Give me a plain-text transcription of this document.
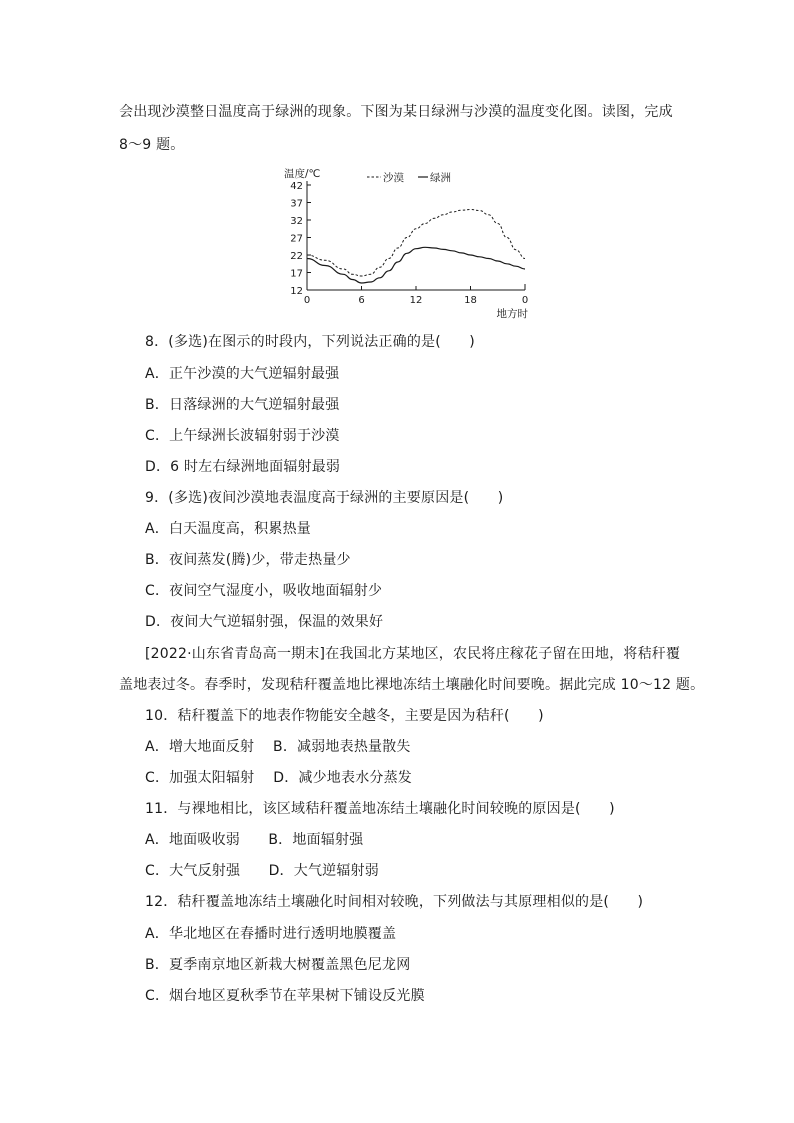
会出现沙漠整日温度高于绿洲的现象。下图为某日绿洲与沙漠的温度变化图。读图，完成
8～9 题。
12
17
22
27
32
37
42
0	6	12	18	0
温度/℃
地方时
沙漠 绿洲
8．(多选)在图示的时段内，下列说法正确的是(　　)
A．正午沙漠的大气逆辐射最强
B．日落绿洲的大气逆辐射最强
C．上午绿洲长波辐射弱于沙漠
D．6 时左右绿洲地面辐射最弱
9．(多选)夜间沙漠地表温度高于绿洲的主要原因是(　　)
A．白天温度高，积累热量
B．夜间蒸发(腾)少，带走热量少
C．夜间空气湿度小，吸收地面辐射少
D．夜间大气逆辐射强，保温的效果好
[2022·山东省青岛高一期末]在我国北方某地区，农民将庄稼花子留在田地，将秸秆覆
盖地表过冬。春季时，发现秸秆覆盖地比裸地冻结土壤融化时间要晚。据此完成 10～12 题。
10．秸秆覆盖下的地表作物能安全越冬，主要是因为秸秆(　　)
A．增大地面反射　 B．减弱地表热量散失
C．加强太阳辐射　 D．减少地表水分蒸发
11．与裸地相比，该区域秸秆覆盖地冻结土壤融化时间较晚的原因是(　　)
A．地面吸收弱　　B．地面辐射强
C．大气反射强　　D．大气逆辐射弱
12．秸秆覆盖地冻结土壤融化时间相对较晚，下列做法与其原理相似的是(　　)
A．华北地区在春播时进行透明地膜覆盖
B．夏季南京地区新栽大树覆盖黑色尼龙网
C．烟台地区夏秋季节在苹果树下铺设反光膜
